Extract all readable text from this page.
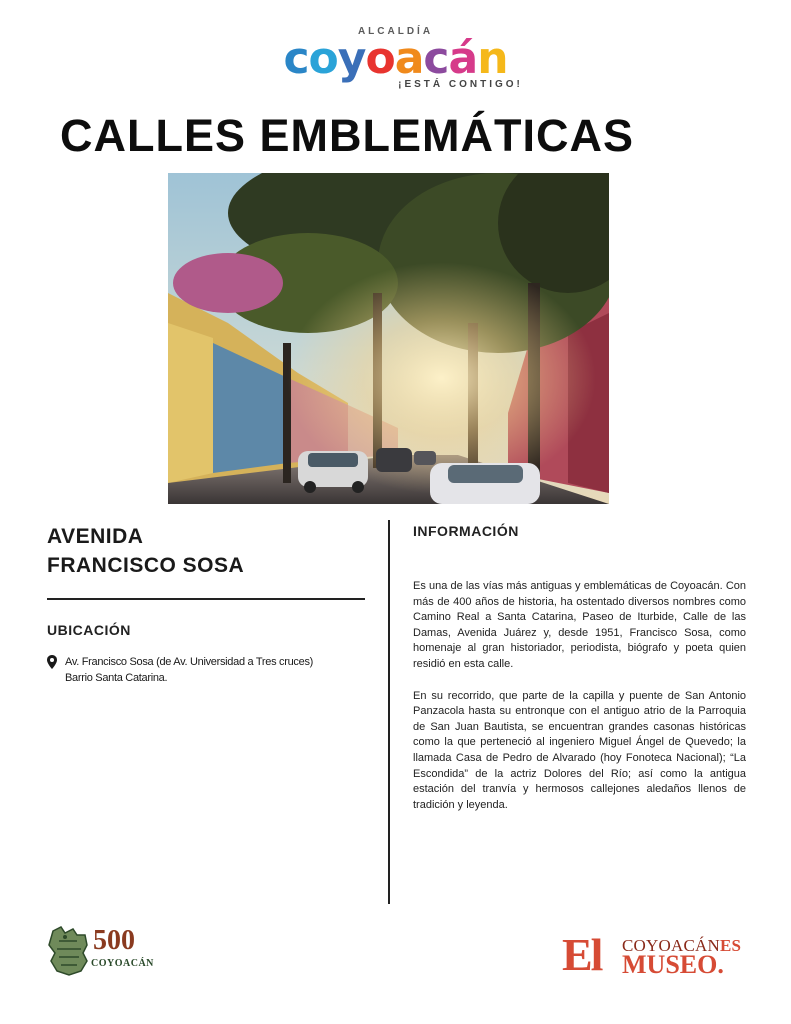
ALCALDÍA
coyoacán
¡ESTÁ CONTIGO!
CALLES EMBLEMÁTICAS
AVENIDA
FRANCISCO SOSA
UBICACIÓN
Av. Francisco Sosa (de Av. Universidad a Tres cruces)
Barrio Santa Catarina.
INFORMACIÓN
Es una de las vías más antiguas y emblemáticas de Coyoacán. Con más de 400 años de historia, ha ostentado diversos nombres como Camino Real a Santa Catarina, Paseo de Iturbide, Calle de las Damas, Avenida Juárez y, desde 1951, Francisco Sosa, como homenaje al gran historiador, periodista, biógrafo y poeta quien residió en esta calle.
En su recorrido, que parte de la capilla y puente de San Antonio Panzacola hasta su entronque con el antiguo atrio de la Parroquia de San Juan Bautista, se encuentran grandes casonas históricas como la que perteneció al ingeniero Miguel Ángel de Quevedo; la llamada Casa de Pedro de Alvarado (hoy Fonoteca Nacional); “La Escondida” de la actriz Dolores del Río; así como la antigua estación del tranvía y hermosos callejones aledaños llenos de tradición y leyenda.
500
COYOACÁN	El COYOACÁNES
MUSEO.
